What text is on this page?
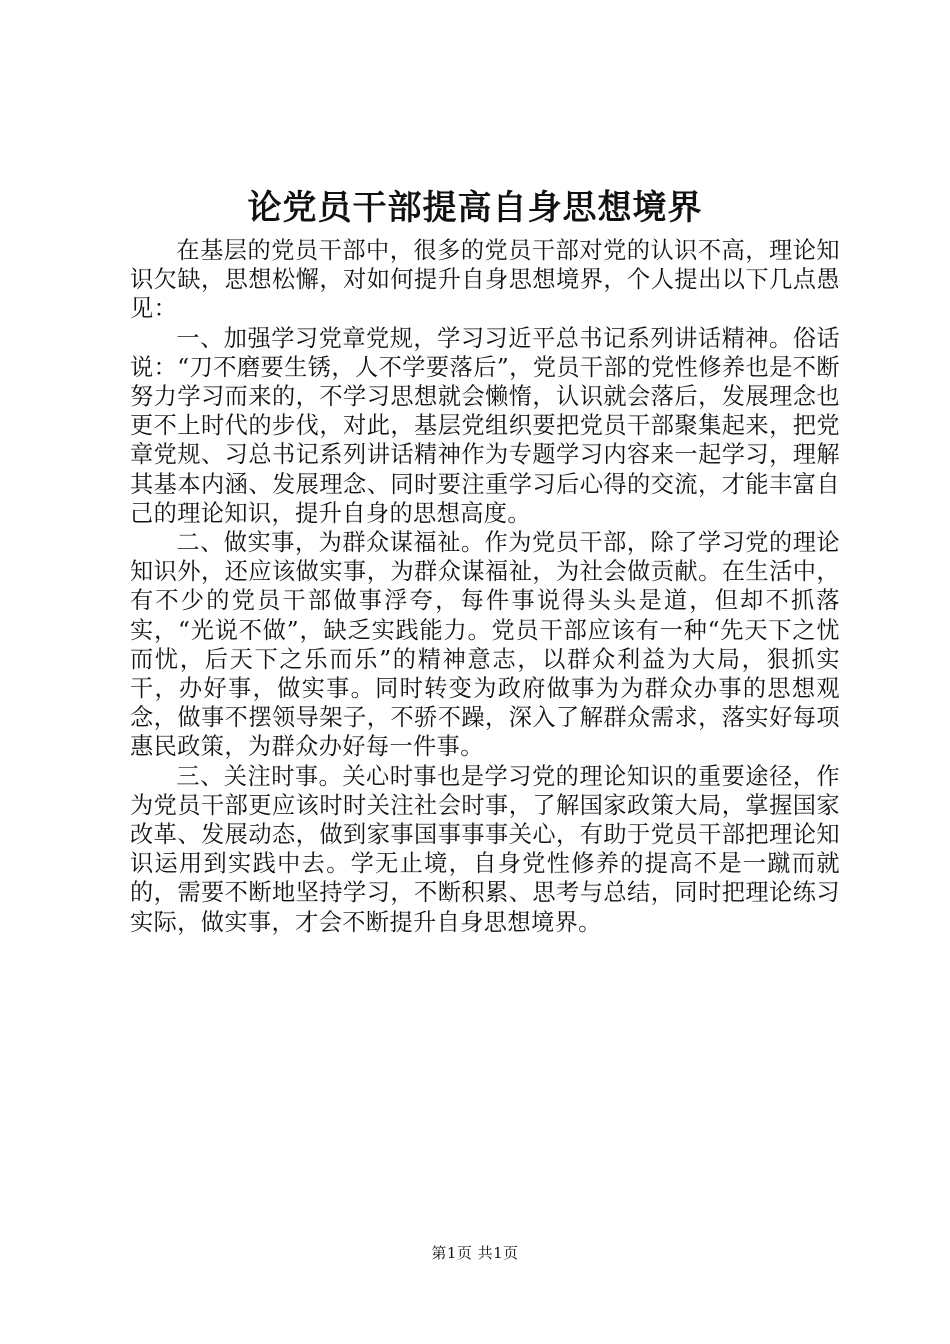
论党员干部提高自身思想境界

在基层的党员干部中，很多的党员干部对党的认识不高，理论知识欠缺，思想松懈，对如何提升自身思想境界，个人提出以下几点愚见：

一、加强学习党章党规，学习习近平总书记系列讲话精神。俗话说：“刀不磨要生锈，人不学要落后”，党员干部的党性修养也是不断努力学习而来的，不学习思想就会懒惰，认识就会落后，发展理念也更不上时代的步伐，对此，基层党组织要把党员干部聚集起来，把党章党规、习总书记系列讲话精神作为专题学习内容来一起学习，理解其基本内涵、发展理念、同时要注重学习后心得的交流，才能丰富自己的理论知识，提升自身的思想高度。

二、做实事，为群众谋福祉。作为党员干部，除了学习党的理论知识外，还应该做实事，为群众谋福祉，为社会做贡献。在生活中，有不少的党员干部做事浮夸，每件事说得头头是道，但却不抓落实，“光说不做”，缺乏实践能力。党员干部应该有一种“先天下之忧而忧，后天下之乐而乐”的精神意志，以群众利益为大局，狠抓实干，办好事，做实事。同时转变为政府做事为为群众办事的思想观念，做事不摆领导架子，不骄不躁，深入了解群众需求，落实好每项惠民政策，为群众办好每一件事。

三、关注时事。关心时事也是学习党的理论知识的重要途径，作为党员干部更应该时时关注社会时事，了解国家政策大局，掌握国家改革、发展动态，做到家事国事事事关心，有助于党员干部把理论知识运用到实践中去。学无止境，自身党性修养的提高不是一蹴而就的，需要不断地坚持学习，不断积累、思考与总结，同时把理论练习实际，做实事，才会不断提升自身思想境界。

第1页 共1页
